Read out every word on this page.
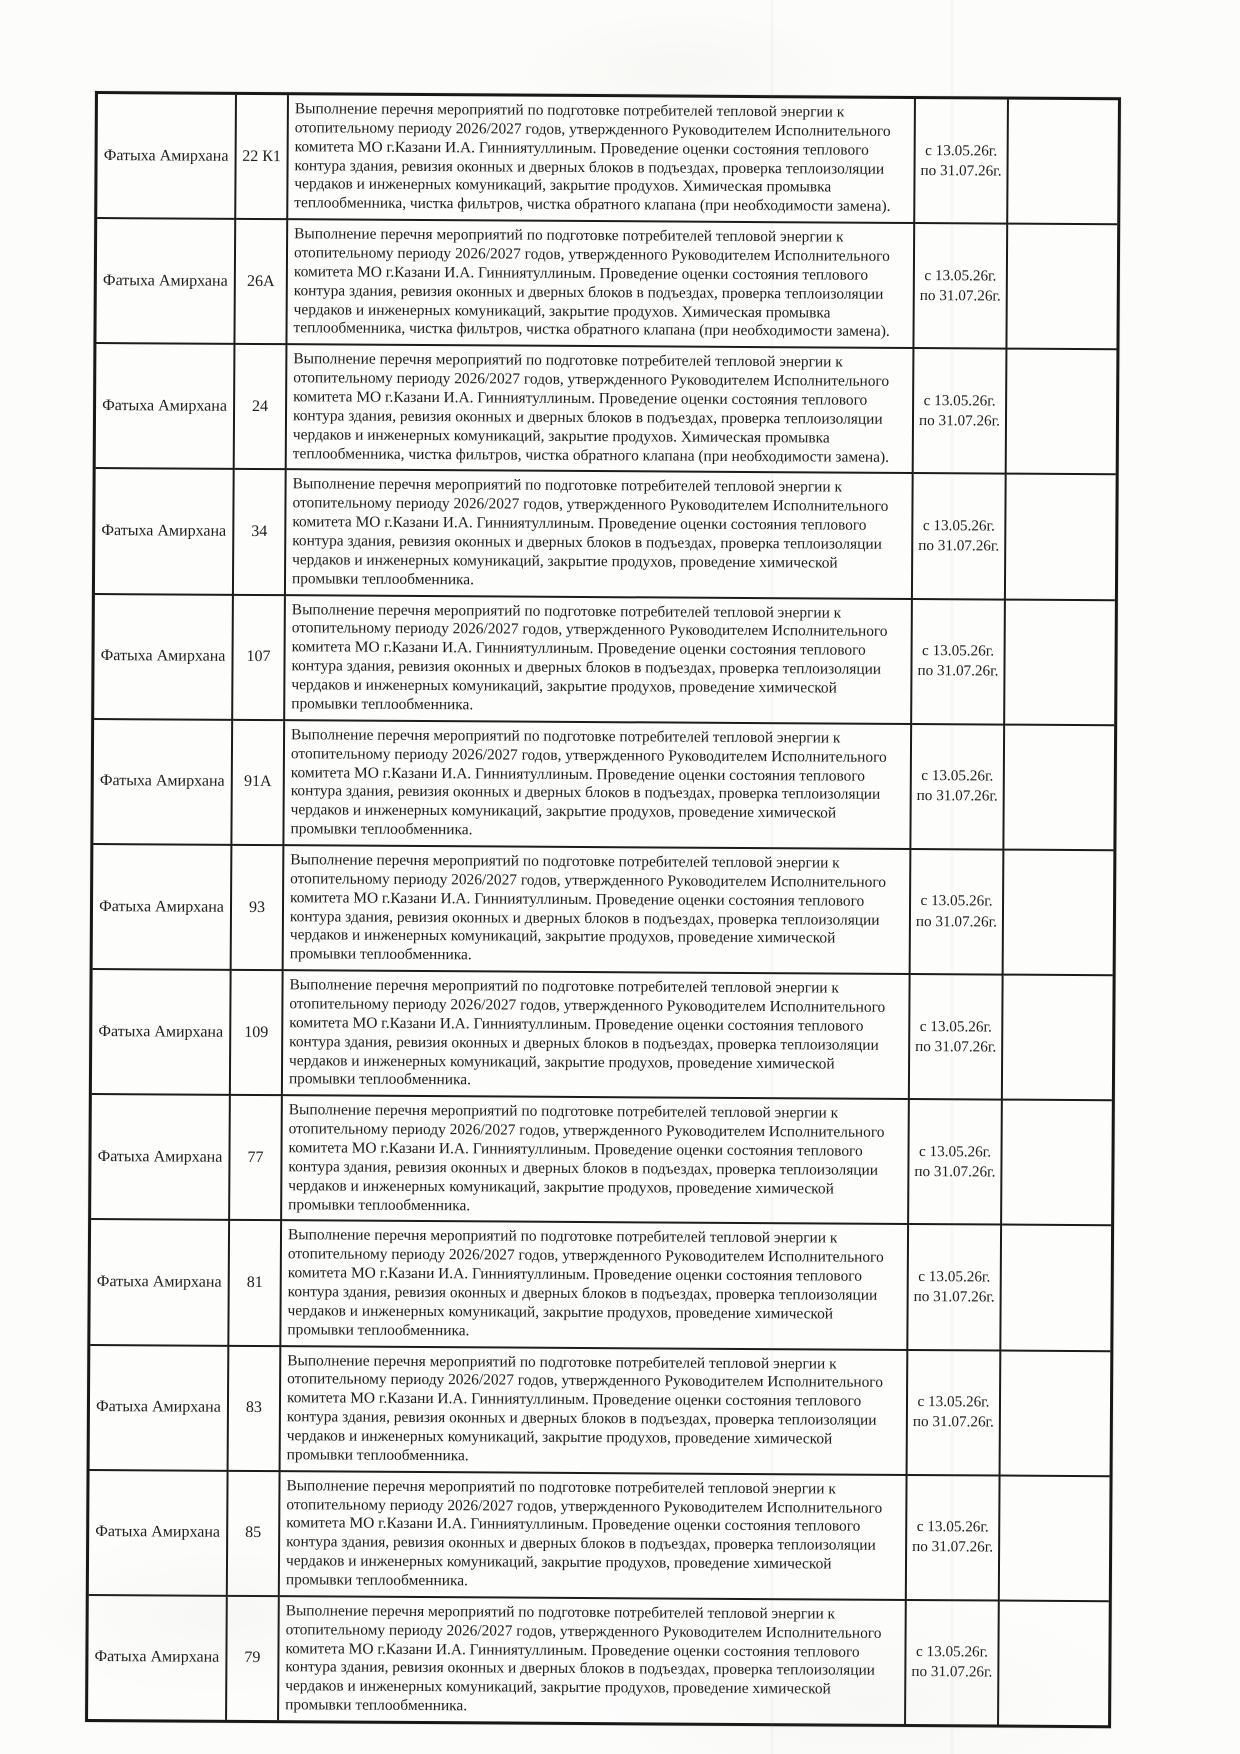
Фатыха Амирхана 22 К1
Выполнение перечня мероприятий по подготовке потребителей тепловой энергии к отопительному периоду 2026/2027 годов, утвержденного Руководителем Исполнительного комитета МО г.Казани И.А. Гинниятуллиным. Проведение оценки состояния теплового контура здания, ревизия оконных и дверных блоков в подъездах, проверка теплоизоляции чердаков и инженерных комуникаций, закрытие продухов. Химическая промывка теплообменника, чистка фильтров, чистка обратного клапана (при необходимости замена).
с 13.05.26г.
по 31.07.26г.
Фатыха Амирхана 26А
Выполнение перечня мероприятий по подготовке потребителей тепловой энергии к отопительному периоду 2026/2027 годов, утвержденного Руководителем Исполнительного комитета МО г.Казани И.А. Гинниятуллиным. Проведение оценки состояния теплового контура здания, ревизия оконных и дверных блоков в подъездах, проверка теплоизоляции чердаков и инженерных комуникаций, закрытие продухов. Химическая промывка теплообменника, чистка фильтров, чистка обратного клапана (при необходимости замена).
с 13.05.26г.
по 31.07.26г.
Фатыха Амирхана 24
Выполнение перечня мероприятий по подготовке потребителей тепловой энергии к отопительному периоду 2026/2027 годов, утвержденного Руководителем Исполнительного комитета МО г.Казани И.А. Гинниятуллиным. Проведение оценки состояния теплового контура здания, ревизия оконных и дверных блоков в подъездах, проверка теплоизоляции чердаков и инженерных комуникаций, закрытие продухов. Химическая промывка теплообменника, чистка фильтров, чистка обратного клапана (при необходимости замена).
с 13.05.26г.
по 31.07.26г.
Фатыха Амирхана 34
Выполнение перечня мероприятий по подготовке потребителей тепловой энергии к отопительному периоду 2026/2027 годов, утвержденного Руководителем Исполнительного комитета МО г.Казани И.А. Гинниятуллиным. Проведение оценки состояния теплового контура здания, ревизия оконных и дверных блоков в подъездах, проверка теплоизоляции чердаков и инженерных комуникаций, закрытие продухов, проведение химической промывки теплообменника.
с 13.05.26г.
по 31.07.26г.
Фатыха Амирхана 107
Выполнение перечня мероприятий по подготовке потребителей тепловой энергии к отопительному периоду 2026/2027 годов, утвержденного Руководителем Исполнительного комитета МО г.Казани И.А. Гинниятуллиным. Проведение оценки состояния теплового контура здания, ревизия оконных и дверных блоков в подъездах, проверка теплоизоляции чердаков и инженерных комуникаций, закрытие продухов, проведение химической промывки теплообменника.
с 13.05.26г.
по 31.07.26г.
Фатыха Амирхана 91А
Выполнение перечня мероприятий по подготовке потребителей тепловой энергии к отопительному периоду 2026/2027 годов, утвержденного Руководителем Исполнительного комитета МО г.Казани И.А. Гинниятуллиным. Проведение оценки состояния теплового контура здания, ревизия оконных и дверных блоков в подъездах, проверка теплоизоляции чердаков и инженерных комуникаций, закрытие продухов, проведение химической промывки теплообменника.
с 13.05.26г.
по 31.07.26г.
Фатыха Амирхана 93
Выполнение перечня мероприятий по подготовке потребителей тепловой энергии к отопительному периоду 2026/2027 годов, утвержденного Руководителем Исполнительного комитета МО г.Казани И.А. Гинниятуллиным. Проведение оценки состояния теплового контура здания, ревизия оконных и дверных блоков в подъездах, проверка теплоизоляции чердаков и инженерных комуникаций, закрытие продухов, проведение химической промывки теплообменника.
с 13.05.26г.
по 31.07.26г.
Фатыха Амирхана 109
Выполнение перечня мероприятий по подготовке потребителей тепловой энергии к отопительному периоду 2026/2027 годов, утвержденного Руководителем Исполнительного комитета МО г.Казани И.А. Гинниятуллиным. Проведение оценки состояния теплового контура здания, ревизия оконных и дверных блоков в подъездах, проверка теплоизоляции чердаков и инженерных комуникаций, закрытие продухов, проведение химической промывки теплообменника.
с 13.05.26г.
по 31.07.26г.
Фатыха Амирхана 77
Выполнение перечня мероприятий по подготовке потребителей тепловой энергии к отопительному периоду 2026/2027 годов, утвержденного Руководителем Исполнительного комитета МО г.Казани И.А. Гинниятуллиным. Проведение оценки состояния теплового контура здания, ревизия оконных и дверных блоков в подъездах, проверка теплоизоляции чердаков и инженерных комуникаций, закрытие продухов, проведение химической промывки теплообменника.
с 13.05.26г.
по 31.07.26г.
Фатыха Амирхана 81
Выполнение перечня мероприятий по подготовке потребителей тепловой энергии к отопительному периоду 2026/2027 годов, утвержденного Руководителем Исполнительного комитета МО г.Казани И.А. Гинниятуллиным. Проведение оценки состояния теплового контура здания, ревизия оконных и дверных блоков в подъездах, проверка теплоизоляции чердаков и инженерных комуникаций, закрытие продухов, проведение химической промывки теплообменника.
с 13.05.26г.
по 31.07.26г.
Фатыха Амирхана 83
Выполнение перечня мероприятий по подготовке потребителей тепловой энергии к отопительному периоду 2026/2027 годов, утвержденного Руководителем Исполнительного комитета МО г.Казани И.А. Гинниятуллиным. Проведение оценки состояния теплового контура здания, ревизия оконных и дверных блоков в подъездах, проверка теплоизоляции чердаков и инженерных комуникаций, закрытие продухов, проведение химической промывки теплообменника.
с 13.05.26г.
по 31.07.26г.
Фатыха Амирхана 85
Выполнение перечня мероприятий по подготовке потребителей тепловой энергии к отопительному периоду 2026/2027 годов, утвержденного Руководителем Исполнительного комитета МО г.Казани И.А. Гинниятуллиным. Проведение оценки состояния теплового контура здания, ревизия оконных и дверных блоков в подъездах, проверка теплоизоляции чердаков и инженерных комуникаций, закрытие продухов, проведение химической промывки теплообменника.
с 13.05.26г.
по 31.07.26г.
Фатыха Амирхана 79
Выполнение перечня мероприятий по подготовке потребителей тепловой энергии к отопительному периоду 2026/2027 годов, утвержденного Руководителем Исполнительного комитета МО г.Казани И.А. Гинниятуллиным. Проведение оценки состояния теплового контура здания, ревизия оконных и дверных блоков в подъездах, проверка теплоизоляции чердаков и инженерных комуникаций, закрытие продухов, проведение химической промывки теплообменника.
с 13.05.26г.
по 31.07.26г.
